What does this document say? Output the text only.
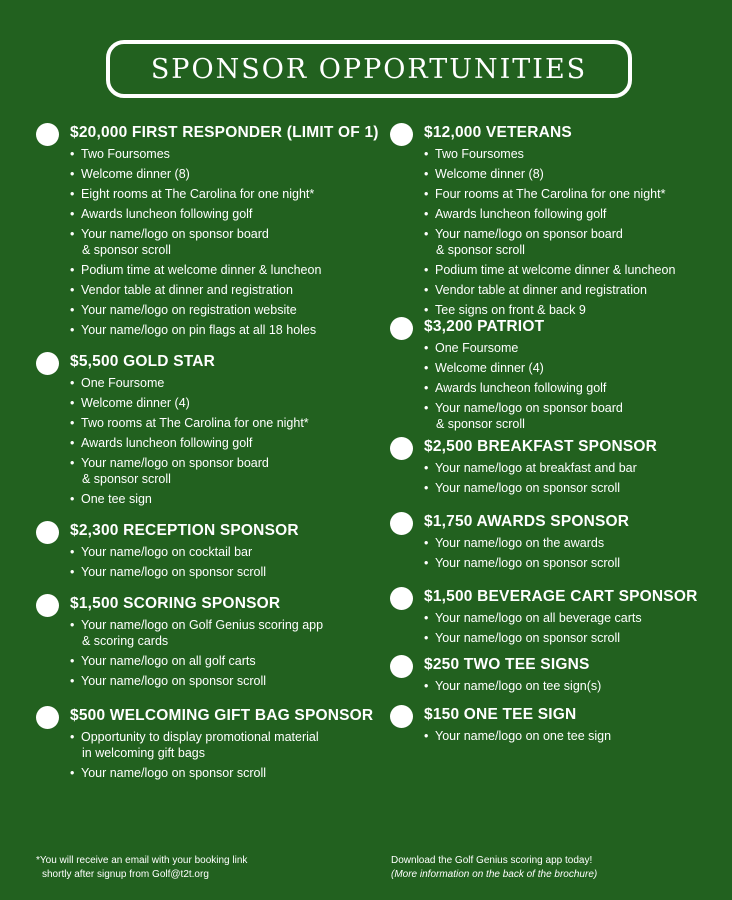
SPONSOR OPPORTUNITIES
$20,000 FIRST RESPONDER (LIMIT OF 1)
• Two Foursomes
• Welcome dinner (8)
• Eight rooms at The Carolina for one night*
• Awards luncheon following golf
• Your name/logo on sponsor board
& sponsor scroll
• Podium time at welcome dinner & luncheon
• Vendor table at dinner and registration
• Your name/logo on registration website
• Your name/logo on pin flags at all 18 holes
$5,500 GOLD STAR
• One Foursome
• Welcome dinner (4)
• Two rooms at The Carolina for one night*
• Awards luncheon following golf
• Your name/logo on sponsor board
& sponsor scroll
• One tee sign
$2,300 RECEPTION SPONSOR
• Your name/logo on cocktail bar
• Your name/logo on sponsor scroll
$1,500 SCORING SPONSOR
• Your name/logo on Golf Genius scoring app
& scoring cards
• Your name/logo on all golf carts
• Your name/logo on sponsor scroll
$500 WELCOMING GIFT BAG SPONSOR
• Opportunity to display promotional material
in welcoming gift bags
• Your name/logo on sponsor scroll
$12,000 VETERANS
• Two Foursomes
• Welcome dinner (8)
• Four rooms at The Carolina for one night*
• Awards luncheon following golf
• Your name/logo on sponsor board
& sponsor scroll
• Podium time at welcome dinner & luncheon
• Vendor table at dinner and registration
• Tee signs on front & back 9
$3,200 PATRIOT
• One Foursome
• Welcome dinner (4)
• Awards luncheon following golf
• Your name/logo on sponsor board
& sponsor scroll
$2,500 BREAKFAST SPONSOR
• Your name/logo at breakfast and bar
• Your name/logo on sponsor scroll
$1,750 AWARDS SPONSOR
• Your name/logo on the awards
• Your name/logo on sponsor scroll
$1,500 BEVERAGE CART SPONSOR
• Your name/logo on all beverage carts
• Your name/logo on sponsor scroll
$250 TWO TEE SIGNS
• Your name/logo on tee sign(s)
$150 ONE TEE SIGN
• Your name/logo on one tee sign
*You will receive an email with your booking link
shortly after signup from Golf@t2t.org
Download the Golf Genius scoring app today!
(More information on the back of the brochure)
